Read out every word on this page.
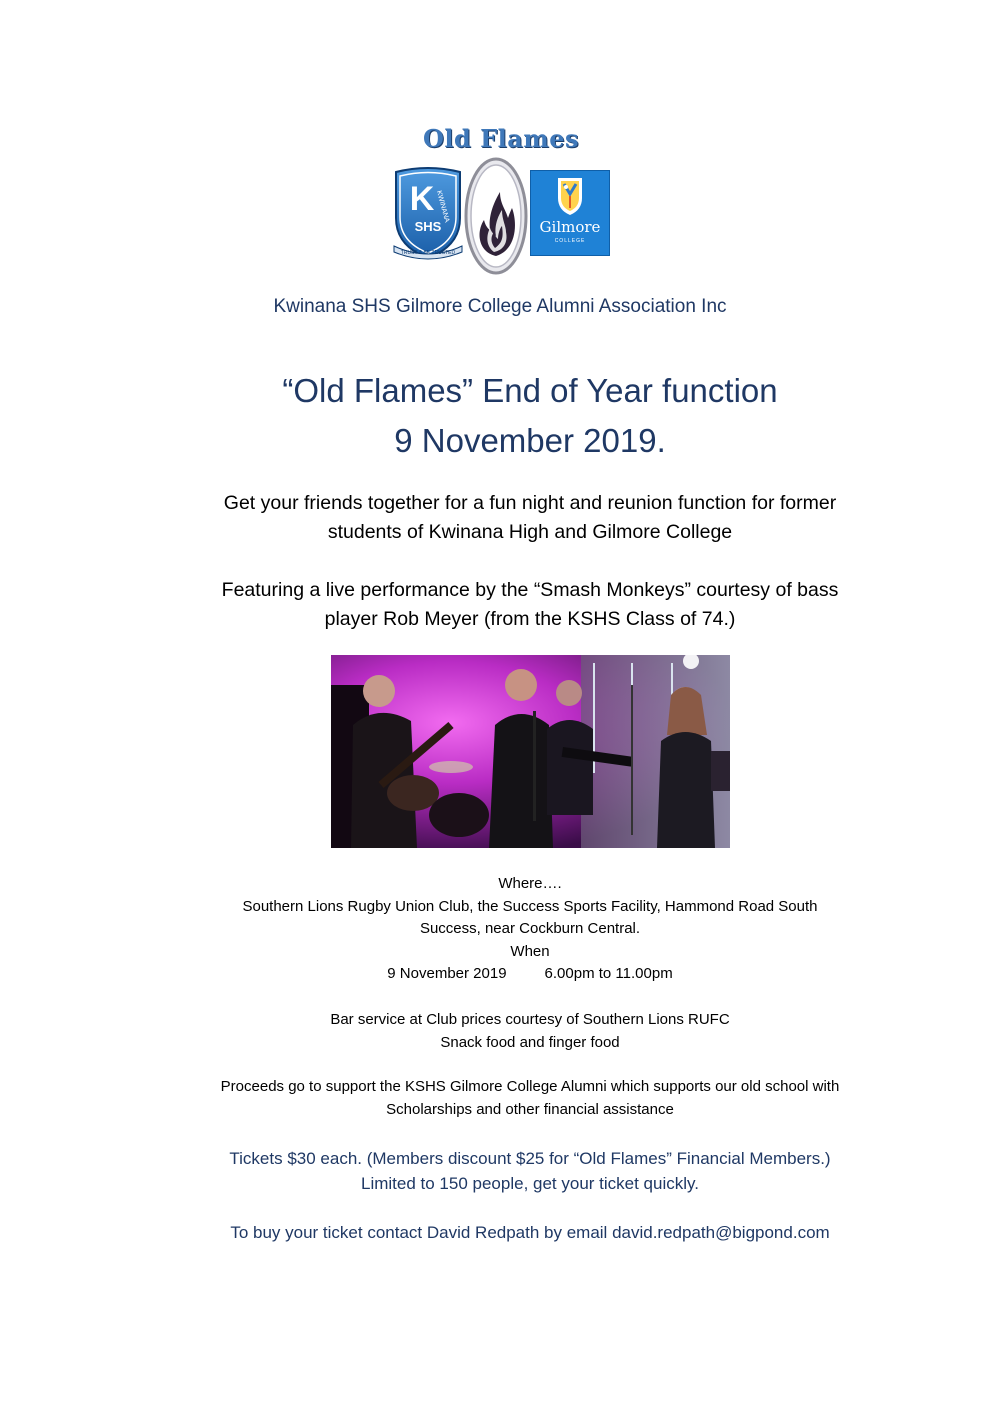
Old Flames
K KWINANA
SHS
TRUST & BE TRUSTED
Gilmore
COLLEGE
Kwinana SHS Gilmore College Alumni Association Inc
“Old Flames” End of Year function
9 November 2019.
Get your friends together for a fun night and reunion function for former
students of Kwinana High and Gilmore College
Featuring a live performance by the “Smash Monkeys” courtesy of bass
player Rob Meyer (from the KSHS Class of 74.)
Where….
Southern Lions Rugby Union Club, the Success Sports Facility, Hammond Road South
Success, near Cockburn Central.
When
9 November 2019	6.00pm to 11.00pm
Bar service at Club prices courtesy of Southern Lions RUFC
Snack food and finger food
Proceeds go to support the KSHS Gilmore College Alumni which supports our old school with
Scholarships and other financial assistance
Tickets $30 each. (Members discount $25 for “Old Flames” Financial Members.)
Limited to 150 people, get your ticket quickly.
To buy your ticket contact David Redpath by email david.redpath@bigpond.com
